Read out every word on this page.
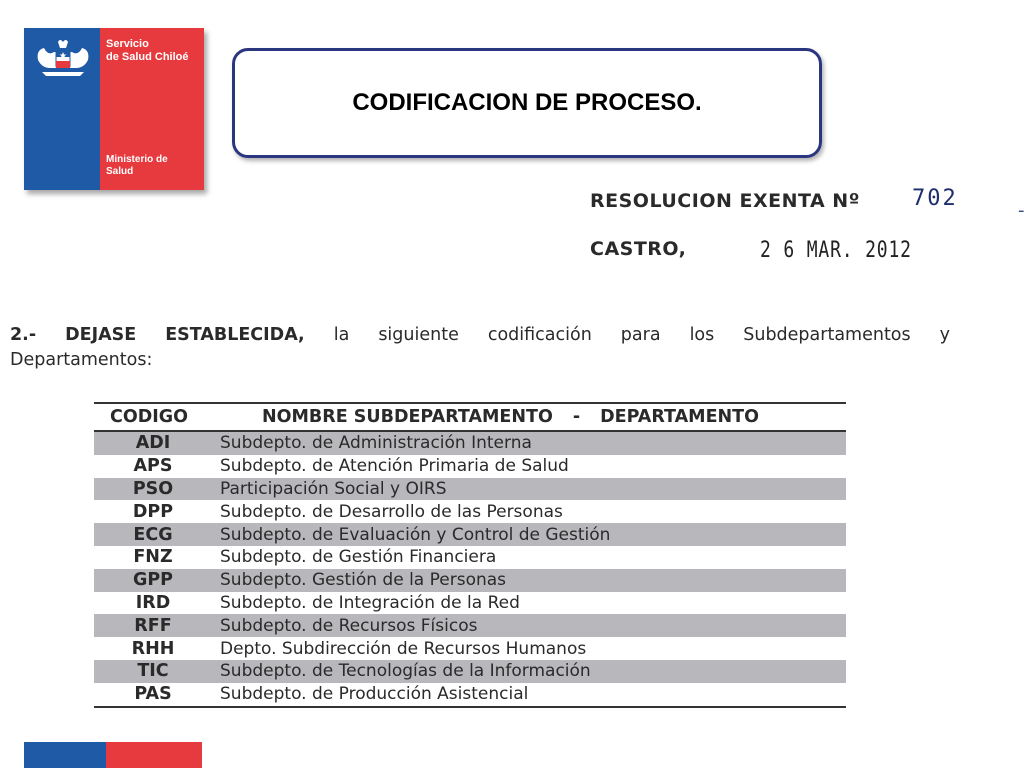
Servicio
de Salud Chiloé
Ministerio de
Salud
CODIFICACION DE PROCESO.
RESOLUCION EXENTA Nº 702	-
CASTRO,	2 6 MAR. 2012
2.- DEJASE ESTABLECIDA, la siguiente codificación para los Subdepartamentos y
Departamentos:
CODIGO	NOMBRE SUBDEPARTAMENTO	-	DEPARTAMENTO
ADI	Subdepto. de Administración Interna
APS	Subdepto. de Atención Primaria de Salud
PSO	Participación Social y OIRS
DPP	Subdepto. de Desarrollo de las Personas
ECG	Subdepto. de Evaluación y Control de Gestión
FNZ	Subdepto. de Gestión Financiera
GPP	Subdepto. Gestión de la Personas
IRD	Subdepto. de Integración de la Red
RFF	Subdepto. de Recursos Físicos
RHH	Depto. Subdirección de Recursos Humanos
TIC	Subdepto. de Tecnologías de la Información
PAS	Subdepto. de Producción Asistencial
